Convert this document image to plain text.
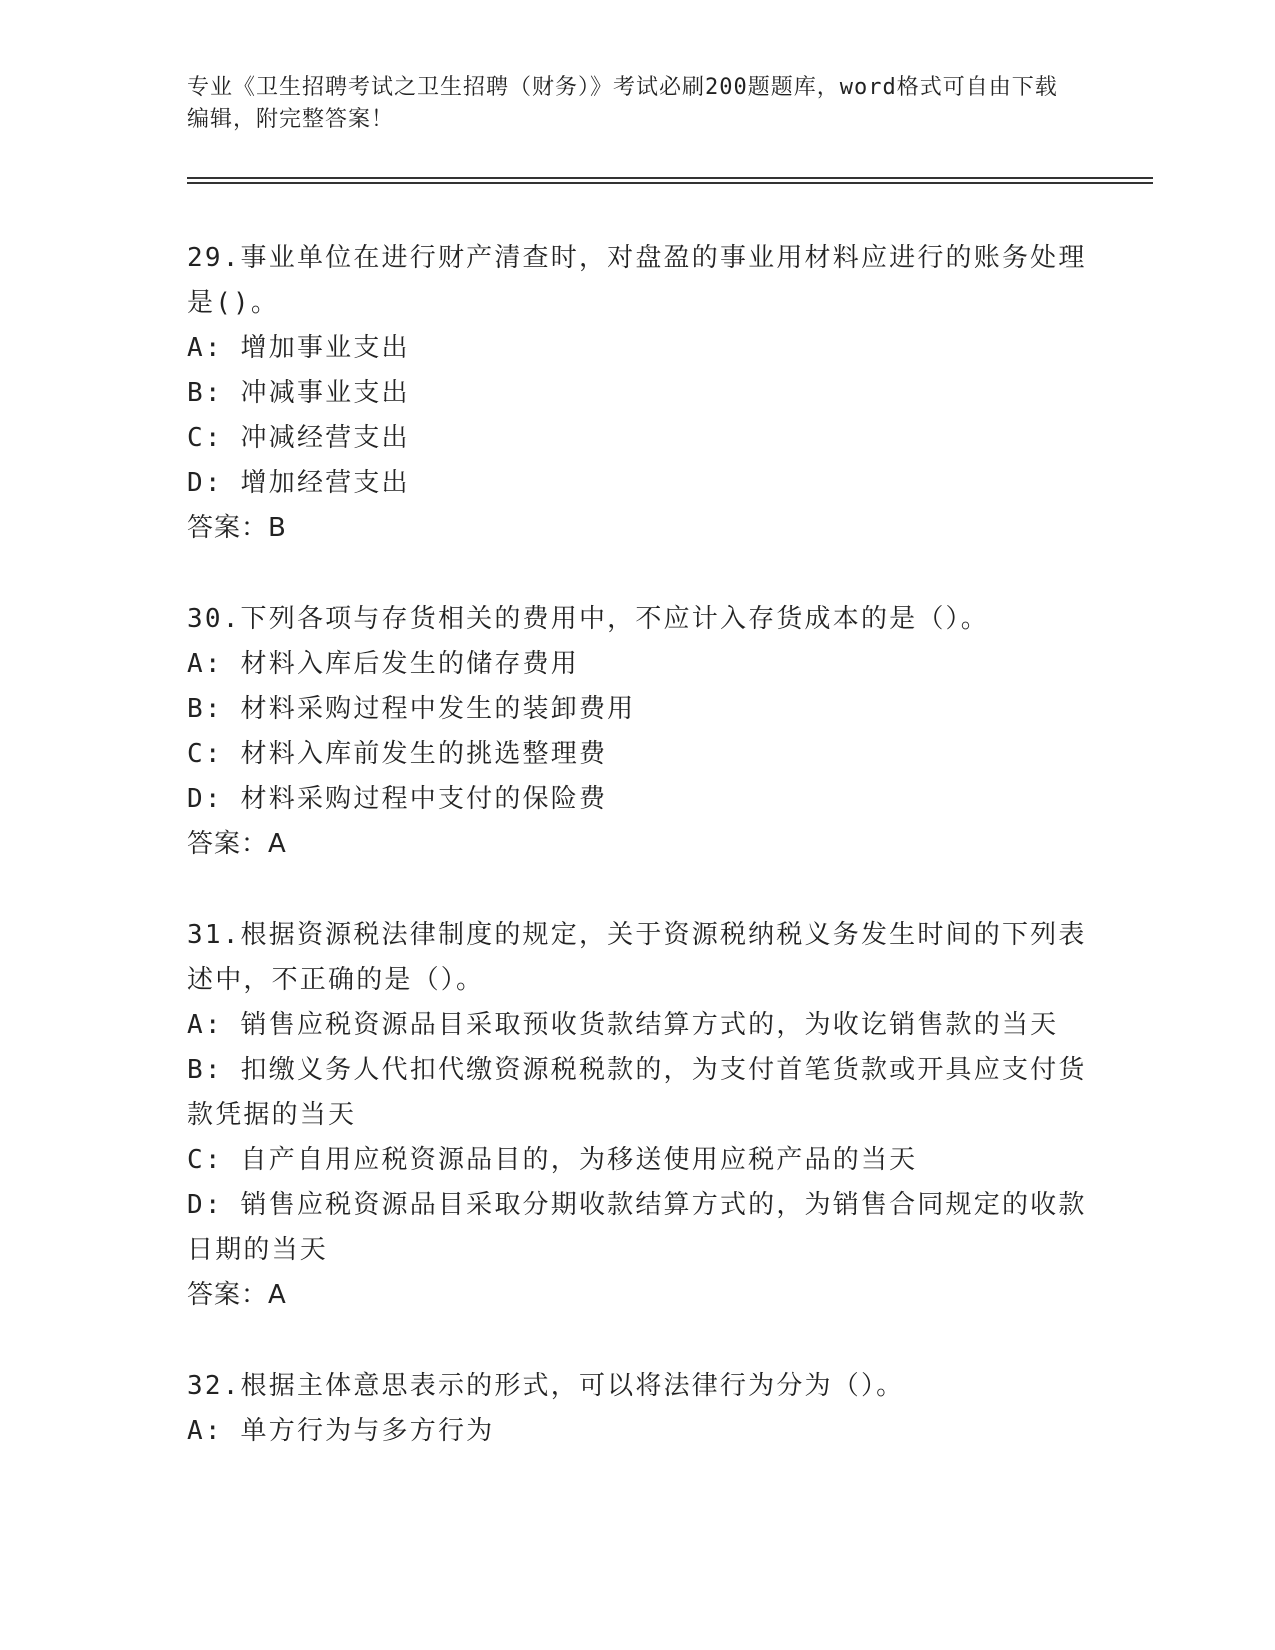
专业《卫生招聘考试之卫生招聘（财务）》考试必刷200题题库，word格式可自由下载编辑，附完整答案！

29.事业单位在进行财产清查时，对盘盈的事业用材料应进行的账务处理是()。

A: 增加事业支出

B: 冲减事业支出

C: 冲减经营支出

D: 增加经营支出

答案：B

30.下列各项与存货相关的费用中，不应计入存货成本的是（）。

A: 材料入库后发生的储存费用

B: 材料采购过程中发生的装卸费用

C: 材料入库前发生的挑选整理费

D: 材料采购过程中支付的保险费

答案：A

31.根据资源税法律制度的规定，关于资源税纳税义务发生时间的下列表述中，不正确的是（）。

A: 销售应税资源品目采取预收货款结算方式的，为收讫销售款的当天

B: 扣缴义务人代扣代缴资源税税款的，为支付首笔货款或开具应支付货款凭据的当天

C: 自产自用应税资源品目的，为移送使用应税产品的当天

D: 销售应税资源品目采取分期收款结算方式的，为销售合同规定的收款日期的当天

答案：A

32.根据主体意思表示的形式，可以将法律行为分为（）。

A: 单方行为与多方行为
